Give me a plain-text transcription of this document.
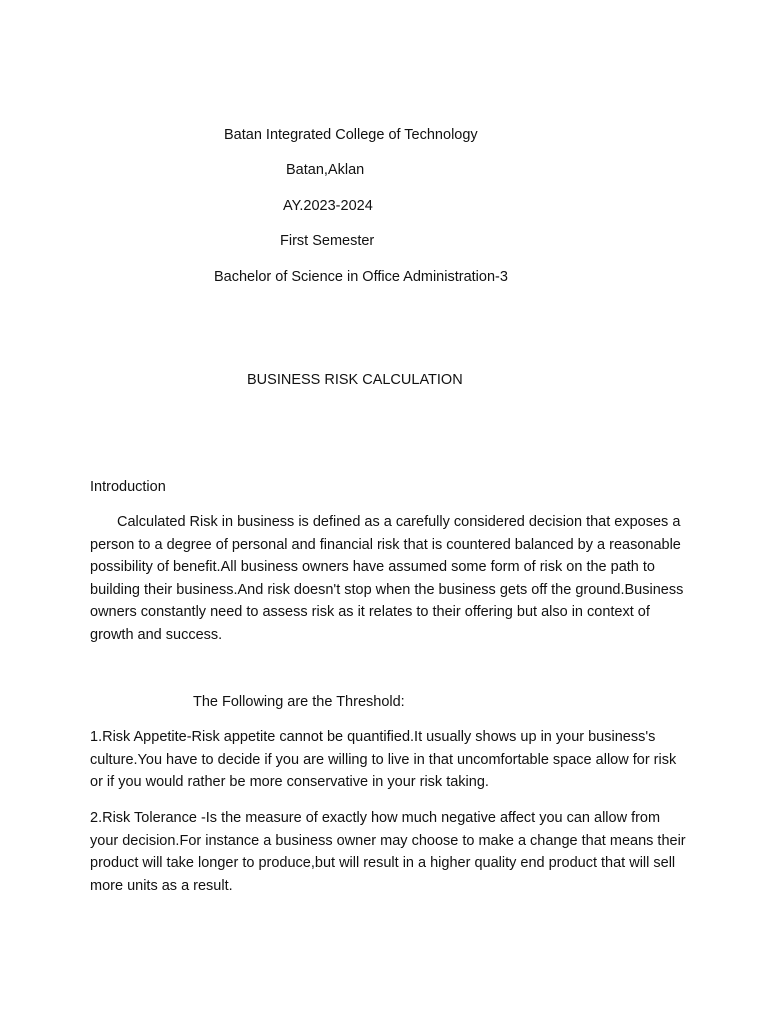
Batan Integrated College of Technology
Batan,Aklan
AY.2023-2024
First Semester
Bachelor of Science in Office Administration-3
BUSINESS RISK CALCULATION
Introduction
Calculated Risk in business is defined as a carefully considered decision that exposes a person to a degree of personal and financial risk that is countered balanced by a reasonable possibility of benefit.All business owners have assumed some form of risk on the path to building their business.And risk doesn't stop when the business gets off the ground.Business owners constantly need to assess risk as it relates to their offering but also in context of growth and success.
The Following are the Threshold:
1.Risk Appetite-Risk appetite cannot be quantified.It usually shows up in your business's culture.You have to decide if you are willing to live in that uncomfortable space allow for risk or if you would rather be more conservative in your risk taking.
2.Risk Tolerance -Is the measure of exactly how much negative affect you can allow from your decision.For instance a business owner may choose to make a change that means their product will take longer to produce,but will result in a higher quality end product that will sell more units as a result.
